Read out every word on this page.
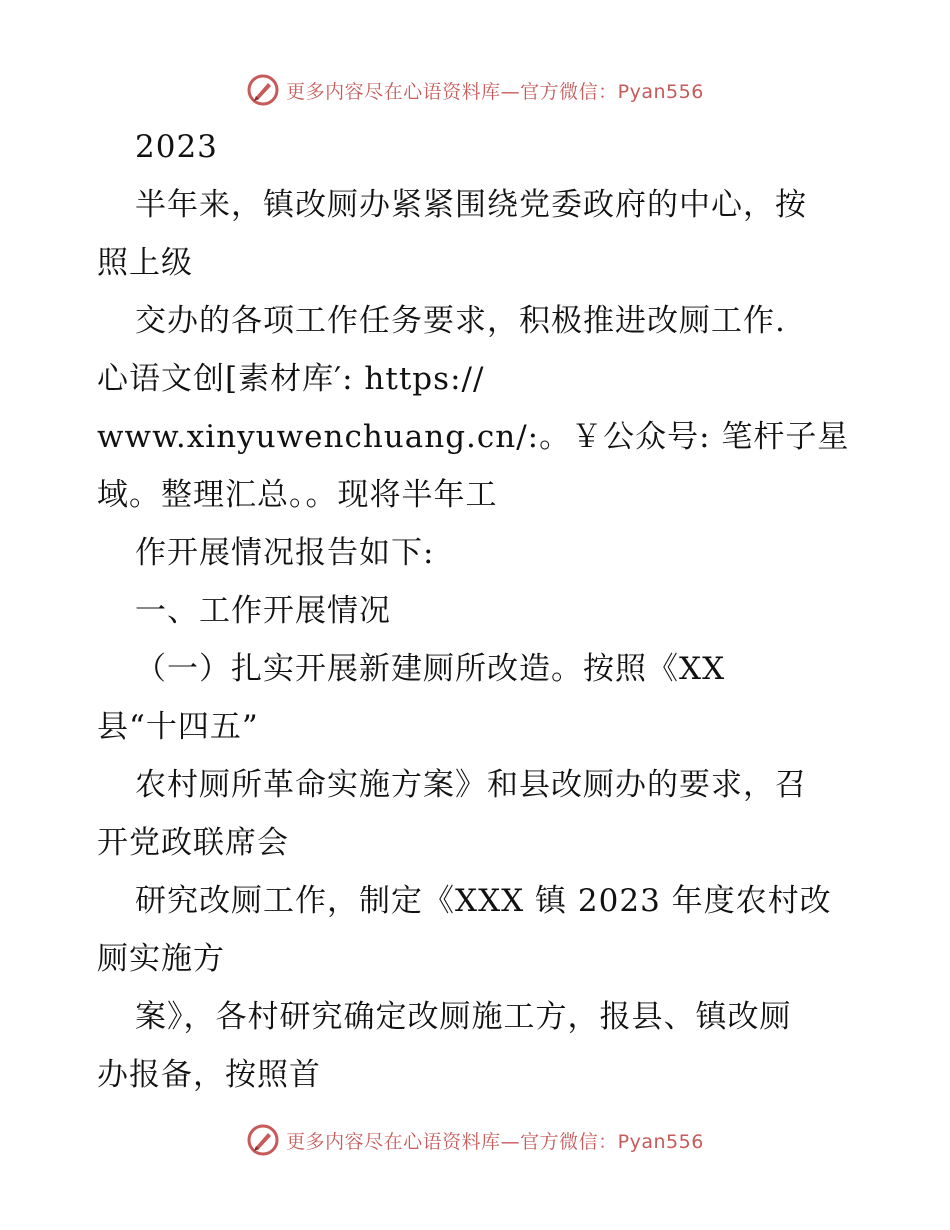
更多内容尽在心语资料库—官方微信：Pyan556
2023
半年来，镇改厕办紧紧围绕党委政府的中心，按
照上级
交办的各项工作任务要求，积极推进改厕工作.
心语文创[素材库′: https://
www.xinyuwenchuang.cn/:。￥公众号: 笔杆子星
域。整理汇总。。现将半年工
作开展情况报告如下:
一、工作开展情况
（一）扎实开展新建厕所改造。按照《XX
县“十四五”
农村厕所革命实施方案》和县改厕办的要求，召
开党政联席会
研究改厕工作，制定《XXX 镇 2023 年度农村改
厕实施方
案》，各村研究确定改厕施工方，报县、镇改厕
办报备，按照首
更多内容尽在心语资料库—官方微信：Pyan556
